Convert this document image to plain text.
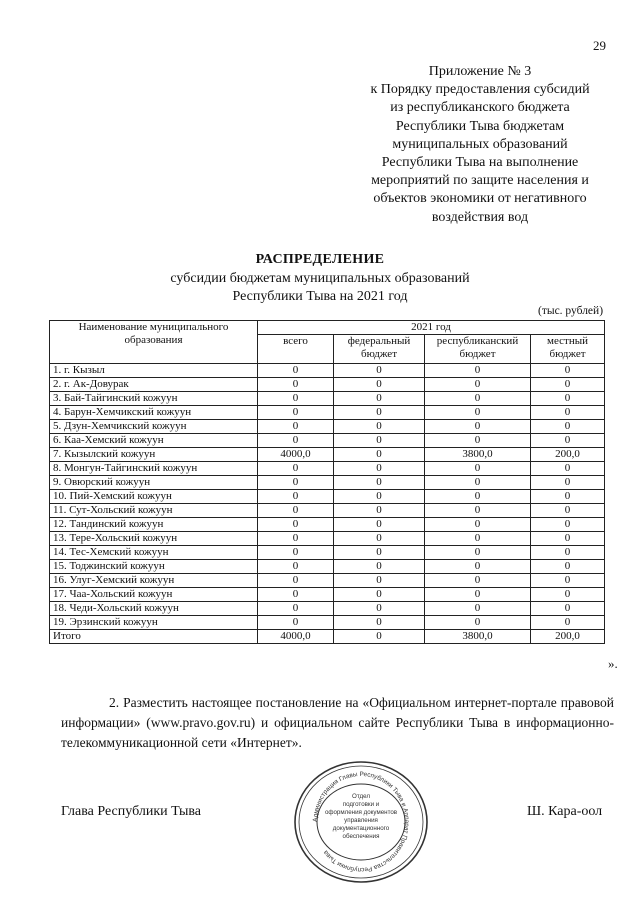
29
Приложение № 3
к Порядку предоставления субсидий
из республиканского бюджета
Республики Тыва бюджетам
муниципальных образований
Республики Тыва на выполнение
мероприятий по защите населения и
объектов экономики от негативного
воздействия вод
РАСПРЕДЕЛЕНИЕ
субсидии бюджетам муниципальных образований
Республики Тыва на 2021 год
(тыс. рублей)
Наименование муниципального образования	2021 год			
	всего	федеральный бюджет	республиканский бюджет	местный бюджет
1. г. Кызыл	0	0	0	0
2. г. Ак-Довурак	0	0	0	0
3. Бай-Тайгинский кожуун	0	0	0	0
4. Барун-Хемчикский кожуун	0	0	0	0
5. Дзун-Хемчикский кожуун	0	0	0	0
6. Каа-Хемский кожуун	0	0	0	0
7. Кызылский кожуун	4000,0	0	3800,0	200,0
8. Монгун-Тайгинский кожуун	0	0	0	0
9. Овюрский кожуун	0	0	0	0
10. Пий-Хемский кожуун	0	0	0	0
11. Сут-Хольский кожуун	0	0	0	0
12. Тандинский кожуун	0	0	0	0
13. Тере-Хольский кожуун	0	0	0	0
14. Тес-Хемский кожуун	0	0	0	0
15. Тоджинский кожуун	0	0	0	0
16. Улуг-Хемский кожуун	0	0	0	0
17. Чаа-Хольский кожуун	0	0	0	0
18. Чеди-Хольский кожуун	0	0	0	0
19. Эрзинский кожуун	0	0	0	0
Итого	4000,0	0	3800,0	200,0
».
2. Разместить настоящее постановление на «Официальном интернет-портале правовой информации» (www.pravo.gov.ru) и официальном сайте Республики Тыва в информационно-телекоммуникационной сети «Интернет».
Глава Республики Тыва	Ш. Кара-оол
Администрация Главы Республики Тыва и Аппарат Правительства Республики Тыва
Отдел
подготовки и
оформления документов
управления
документационного
обеспечения
